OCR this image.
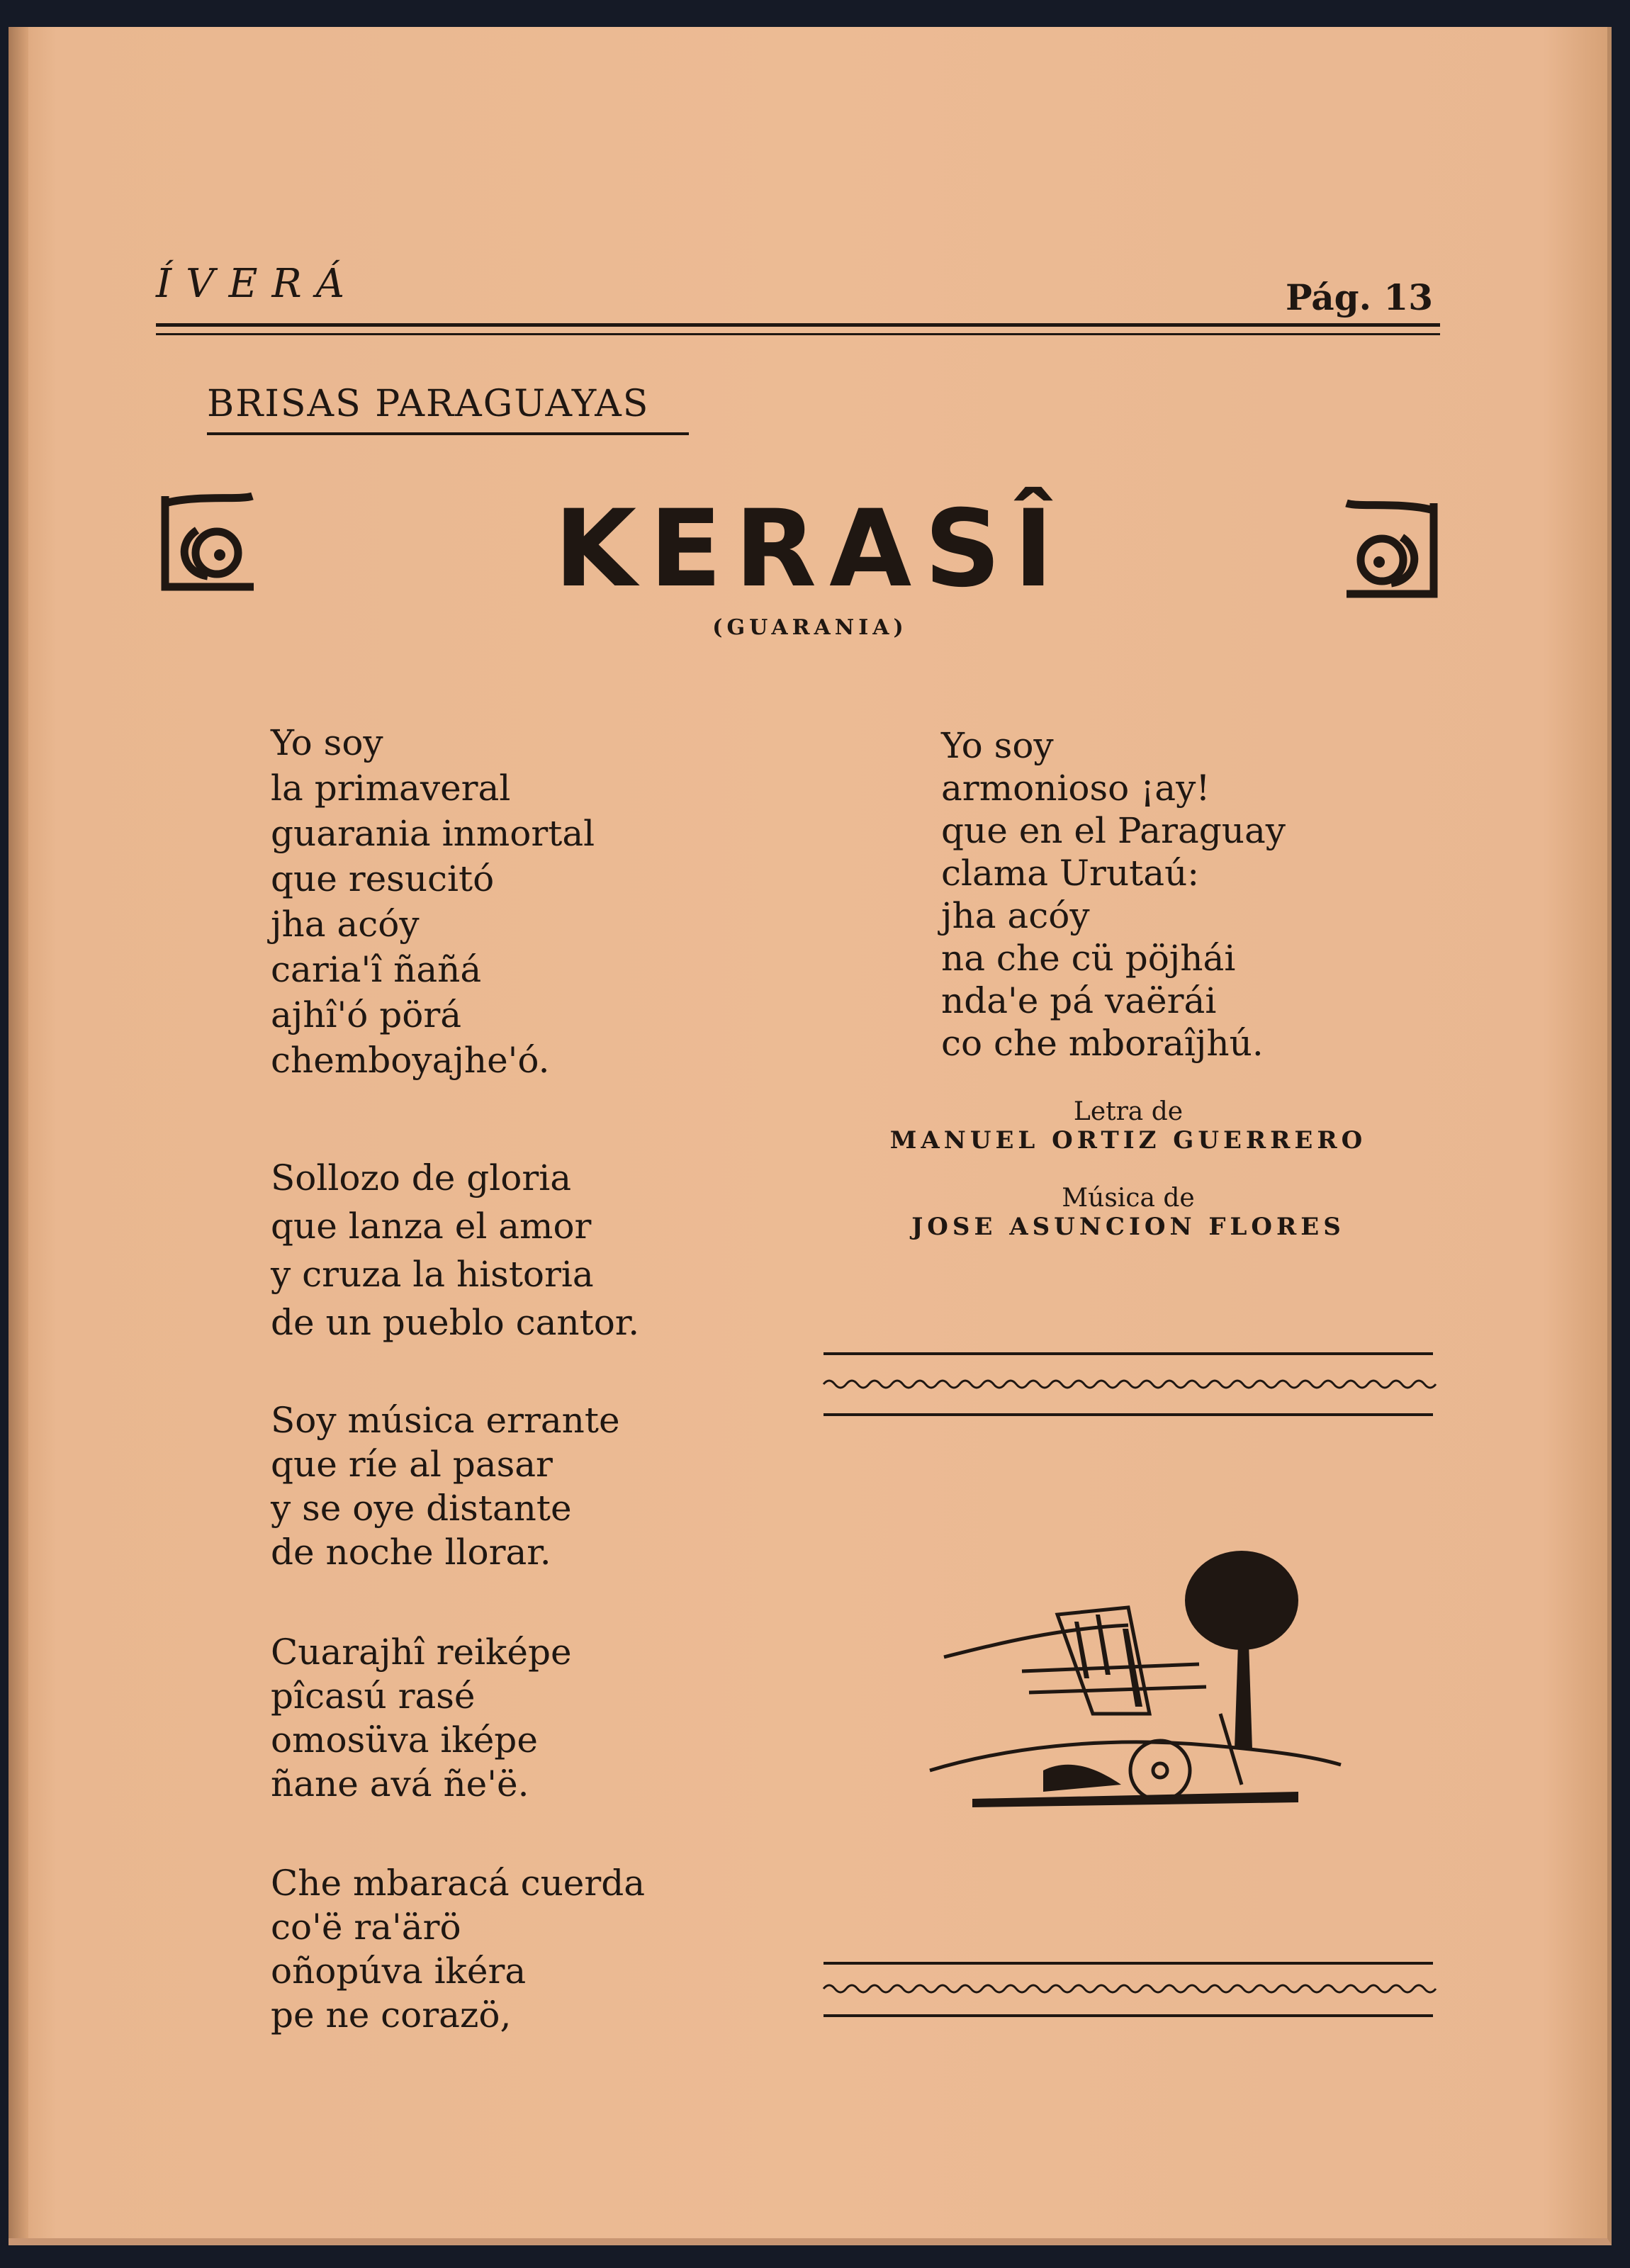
ÍVERÁ	Pág. 13
BRISAS PARAGUAYAS
KERASÎ
(GUARANIA)
Yo soy
la primaveral
guarania inmortal
que resucitó
jha acóy
caria'î ñañá
ajhî'ó pörá
chemboyajhe'ó.
Sollozo de gloria
que lanza el amor
y cruza la historia
de un pueblo cantor.
Soy música errante
que ríe al pasar
y se oye distante
de noche llorar.
Cuarajhî reiképe
pîcasú rasé
omosüva iképe
ñane avá ñe'ë.
Che mbaracá cuerda
co'ë ra'ärö
oñopúva ikéra
pe ne corazö,
Yo soy
armonioso ¡ay!
que en el Paraguay
clama Urutaú:
jha acóy
na che cü pöjhái
nda'e pá vaërái
co che mboraîjhú.
Letra de
MANUEL ORTIZ GUERRERO
Música de
JOSE ASUNCION FLORES
